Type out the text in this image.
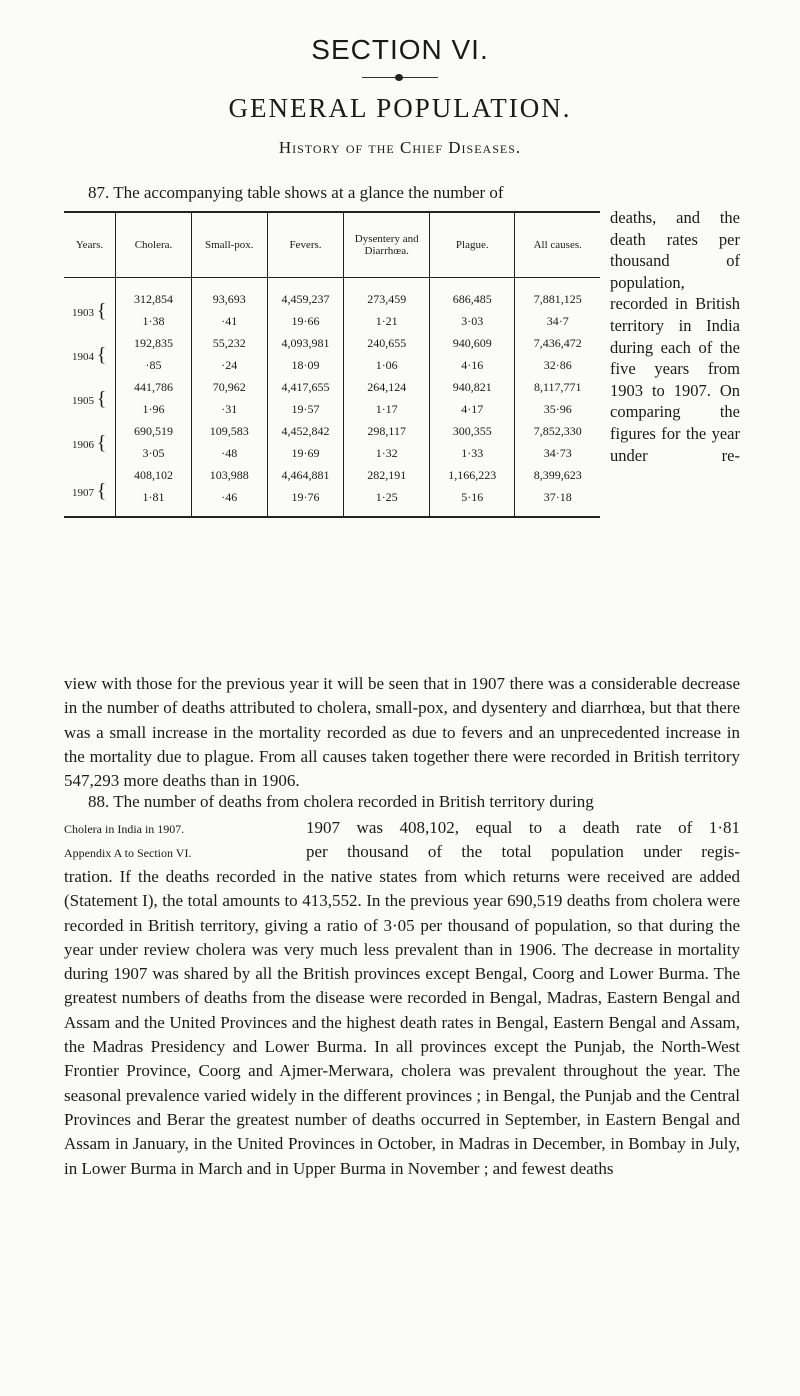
SECTION VI.
GENERAL POPULATION.
History of the Chief Diseases.
87. The accompanying table shows at a glance the number of
deaths, and the death rates per thousand of population, recorded in British territory in India during each of the five years from 1903 to 1907. On comparing the figures for the year under re-
Years.	Cholera.	Small-pox.	Fevers.	Dysentery and Diarrhœa.	Plague.	All causes.
1903 {	312,854	93,693	4,459,237	273,459	686,485	7,881,125
	1·38	·41	19·66	1·21	3·03	34·7
1904 {	192,835	55,232	4,093,981	240,655	940,609	7,436,472
	·85	·24	18·09	1·06	4·16	32·86
1905 {	441,786	70,962	4,417,655	264,124	940,821	8,117,771
	1·96	·31	19·57	1·17	4·17	35·96
1906 {	690,519	109,583	4,452,842	298,117	300,355	7,852,330
	3·05	·48	19·69	1·32	1·33	34·73
1907 {	408,102	103,988	4,464,881	282,191	1,166,223	8,399,623
	1·81	·46	19·76	1·25	5·16	37·18
view with those for the previous year it will be seen that in 1907 there was a considerable decrease in the number of deaths attributed to cholera, small-pox, and dysentery and diarrhœa, but that there was a small increase in the mortality recorded as due to fevers and an unprecedented increase in the mortality due to plague. From all causes taken together there were recorded in British territory 547,293 more deaths than in 1906.
88. The number of deaths from cholera recorded in British territory during
Cholera in India in 1907.
Appendix A to Section VI.
1907 was 408,102, equal to a death rate of 1·81
per thousand of the total population under regis-
tration. If the deaths recorded in the native states from which returns were received are added (Statement I), the total amounts to 413,552. In the previous year 690,519 deaths from cholera were recorded in British territory, giving a ratio of 3·05 per thousand of population, so that during the year under review cholera was very much less prevalent than in 1906. The decrease in mortality during 1907 was shared by all the British provinces except Bengal, Coorg and Lower Burma. The greatest numbers of deaths from the disease were recorded in Bengal, Madras, Eastern Bengal and Assam and the United Provinces and the highest death rates in Bengal, Eastern Bengal and Assam, the Madras Presidency and Lower Burma. In all provinces except the Punjab, the North-West Frontier Province, Coorg and Ajmer-Merwara, cholera was prevalent throughout the year. The seasonal prevalence varied widely in the different provinces ; in Bengal, the Punjab and the Central Provinces and Berar the greatest number of deaths occurred in September, in Eastern Bengal and Assam in January, in the United Provinces in October, in Madras in December, in Bombay in July, in Lower Burma in March and in Upper Burma in November ; and fewest deaths
